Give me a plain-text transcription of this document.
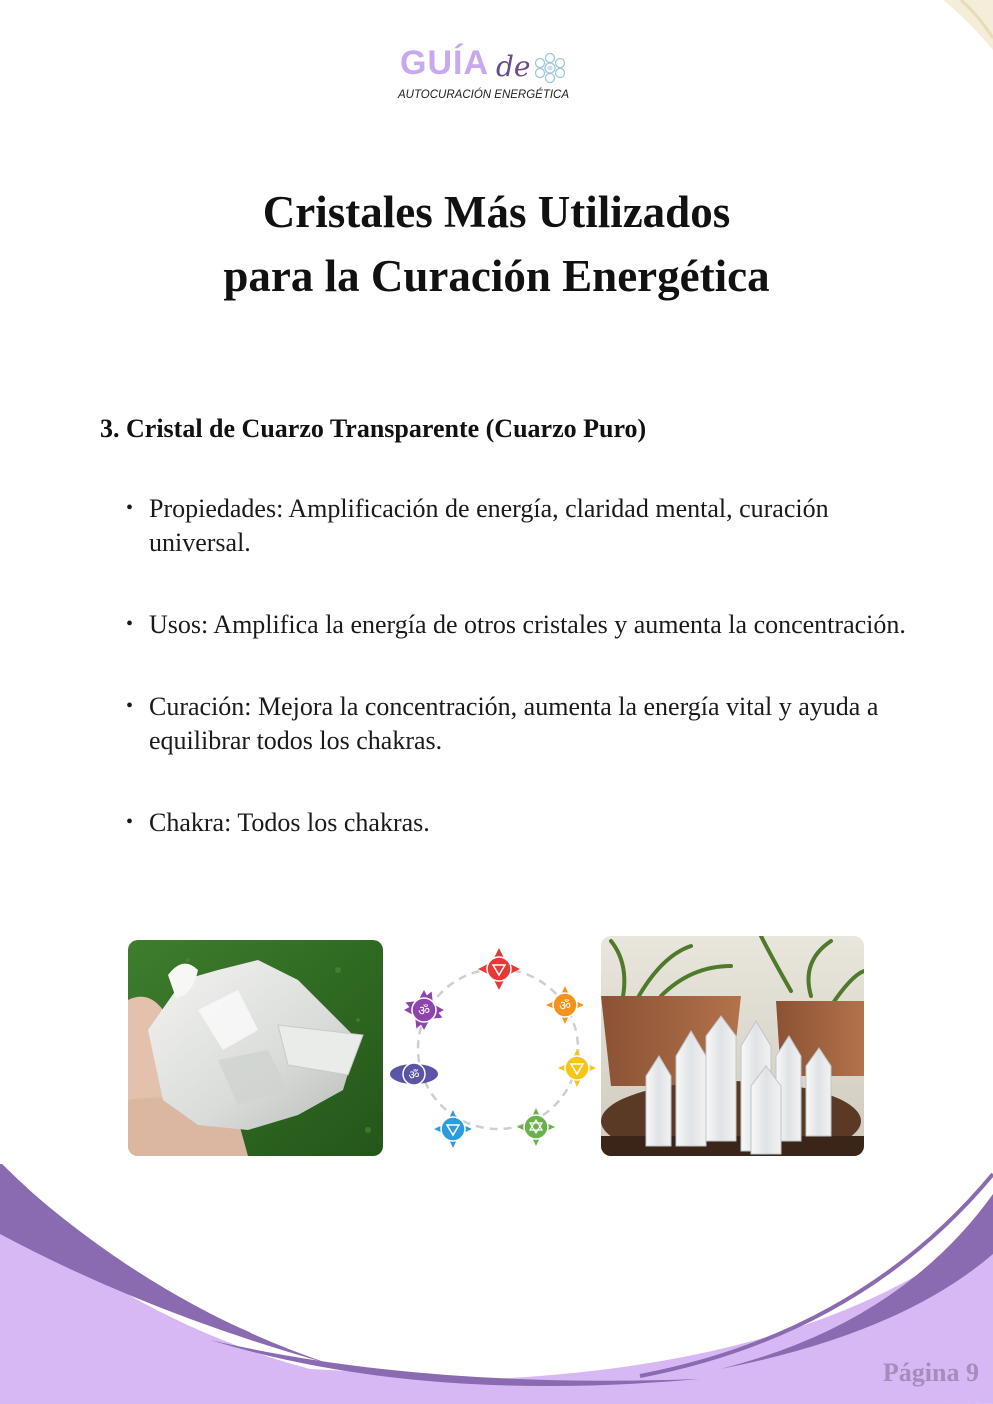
GUÍA de
AUTOCURACIÓN ENERGÉTICA
Cristales Más Utilizados
para la Curación Energética
3. Cristal de Cuarzo Transparente (Cuarzo Puro)
• Propiedades: Amplificación de energía, claridad mental, curación universal.
• Usos: Amplifica la energía de otros cristales y aumenta la concentración.
• Curación: Mejora la concentración, aumenta la energía vital y ayuda a equilibrar todos los chakras.
• Chakra: Todos los chakras.
ॐ
ॐ
ॐ
Página 9
